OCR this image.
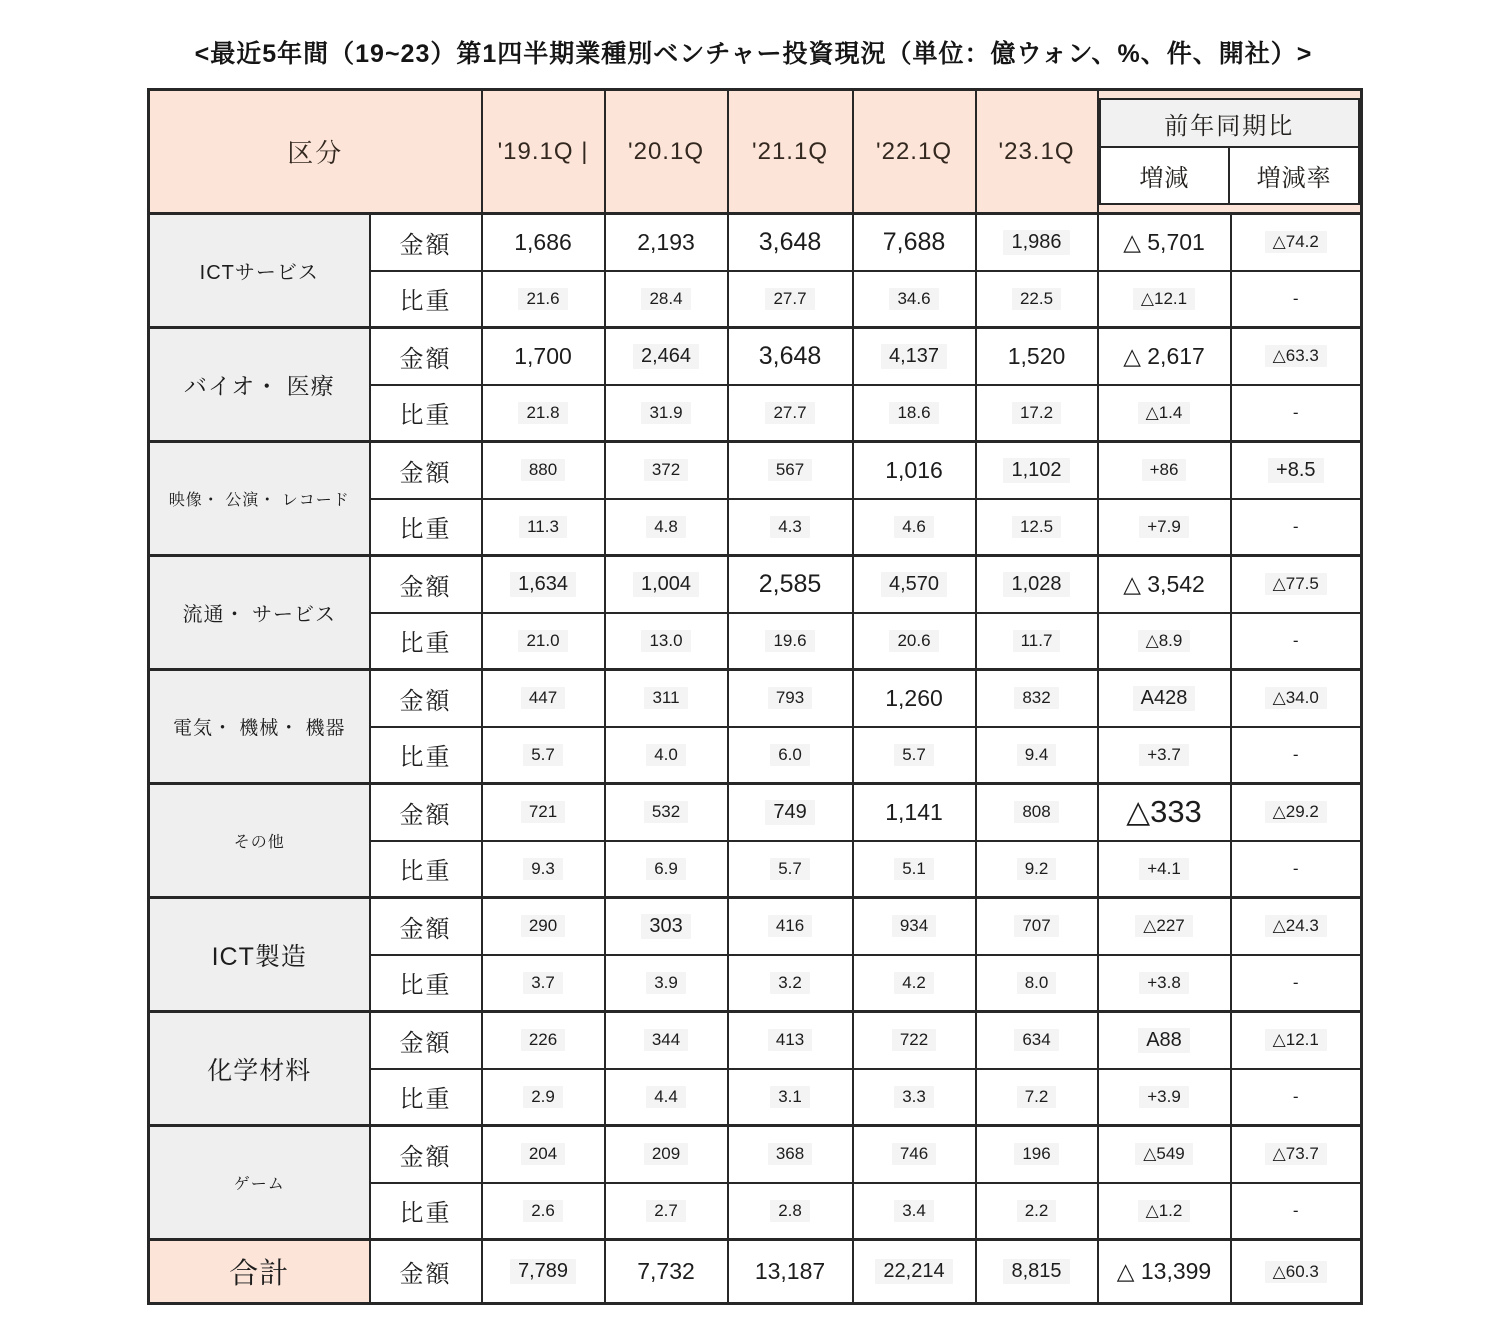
<最近5年間（19~23）第1四半期業種別ベンチャー投資現況（単位：億ウォン、%、件、開社）>
区分		'19.1Q |	'20.1Q	'21.1Q	'22.1Q	'23.1Q	前年同期比
増減 増減率	

ICTサービス	金額	1,686	2,193	3,648	7,688	1,986	△ 5,701	△74.2
	比重	21.6	28.4	27.7	34.6	22.5	△12.1	-
バイオ・ 医療	金額	1,700	2,464	3,648	4,137	1,520	△ 2,617	△63.3
	比重	21.8	31.9	27.7	18.6	17.2	△1.4	-
映像・ 公演・ レコード	金額	880	372	567	1,016	1,102	+86	+8.5
	比重	11.3	4.8	4.3	4.6	12.5	+7.9	-
流通・ サービス	金額	1,634	1,004	2,585	4,570	1,028	△ 3,542	△77.5
	比重	21.0	13.0	19.6	20.6	11.7	△8.9	-
電気・ 機械・ 機器	金額	447	311	793	1,260	832	A428	△34.0
	比重	5.7	4.0	6.0	5.7	9.4	+3.7	-
その他	金額	721	532	749	1,141	808	△333	△29.2
	比重	9.3	6.9	5.7	5.1	9.2	+4.1	-
ICT製造	金額	290	303	416	934	707	△227	△24.3
	比重	3.7	3.9	3.2	4.2	8.0	+3.8	-
化学材料	金額	226	344	413	722	634	A88	△12.1
	比重	2.9	4.4	3.1	3.3	7.2	+3.9	-
ゲーム	金額	204	209	368	746	196	△549	△73.7
	比重	2.6	2.7	2.8	3.4	2.2	△1.2	-
合計	金額	7,789	7,732	13,187	22,214	8,815	△ 13,399	△60.3
